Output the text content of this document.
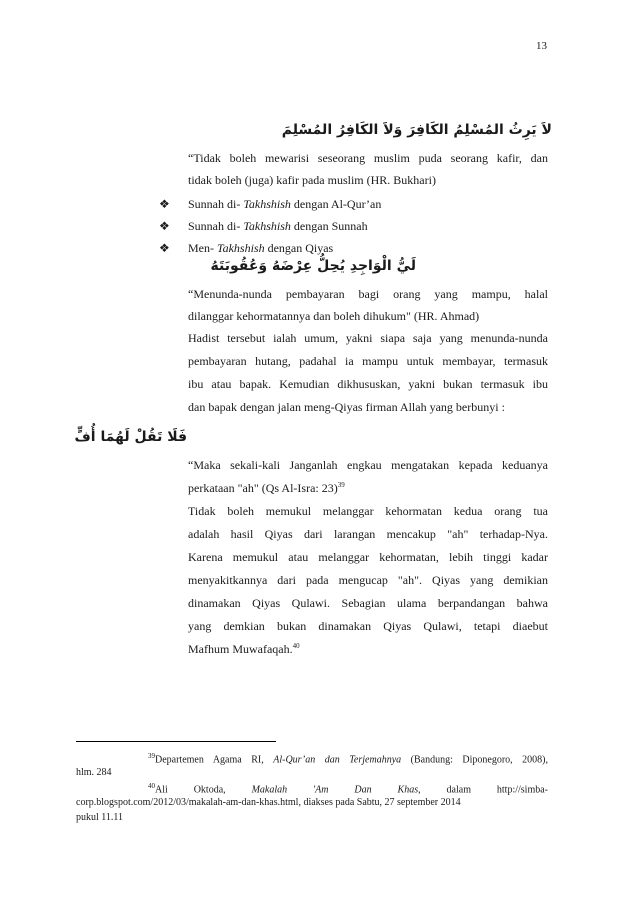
13
لاَ يَرِثُ المُسْلِمُ الكَافِرَ وَلاَ الكَافِرُ المُسْلِمَ
“Tidak boleh mewarisi seseorang muslim puda seorang kafir, dan
tidak boleh (juga) kafir pada muslim (HR. Bukhari)
❖ Sunnah di- Takhshish dengan Al-Qur’an
❖ Sunnah di- Takhshish dengan Sunnah
❖ Men- Takhshish dengan Qiyas
لَيُّ الْوَاجِدِ يُحِلُّ عِرْضَهُ وَعُقُوبَتَهُ
“Menunda-nunda pembayaran bagi orang yang mampu, halal
dilanggar kehormatannya dan boleh dihukum" (HR. Ahmad)
Hadist tersebut ialah umum, yakni siapa saja yang menunda-nunda
pembayaran hutang, padahal ia mampu untuk membayar, termasuk
ibu atau bapak. Kemudian dikhususkan, yakni bukan termasuk ibu
dan bapak dengan jalan meng-Qiyas firman Allah yang berbunyi :
فَلَا تَقُلْ لَهُمَا أُفٍّ
“Maka sekali-kali Janganlah engkau mengatakan kepada keduanya
perkataan "ah" (Qs Al-Isra: 23)$^{39}$
Tidak boleh memukul melanggar kehormatan kedua orang tua
adalah hasil Qiyas dari larangan mencakup "ah" terhadap-Nya.
Karena memukul atau melanggar kehormatan, lebih tinggi kadar
menyakitkannya dari pada mengucap "ah". Qiyas yang demikian
dinamakan Qiyas Qulawi. Sebagian ulama berpandangan bahwa
yang demkian bukan dinamakan Qiyas Qulawi, tetapi diaebut
Mafhum Muwafaqah.$^{40}$
$^{39}$Departemen Agama RI, Al-Qur’an dan Terjemahnya (Bandung: Diponegoro, 2008),
hlm. 284
$^{40}$Ali Oktoda, Makalah 'Am Dan Khas, dalam http://simba-
corp.blogspot.com/2012/03/makalah-am-dan-khas.html, diakses pada Sabtu, 27 september 2014
pukul 11.11
